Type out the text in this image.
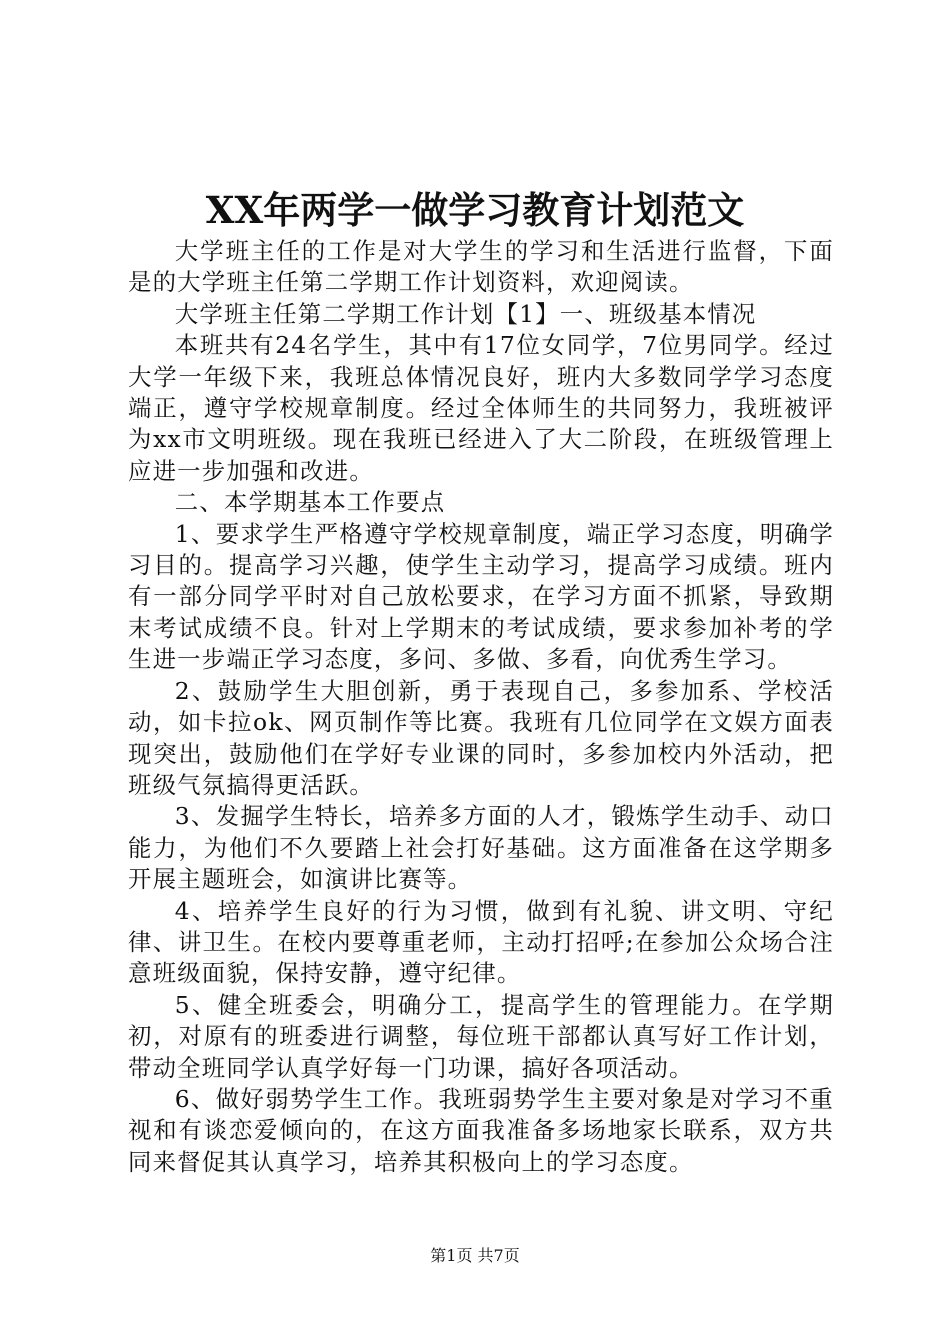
XX年两学一做学习教育计划范文

大学班主任的工作是对大学生的学习和生活进行监督，下面是的大学班主任第二学期工作计划资料，欢迎阅读。

大学班主任第二学期工作计划【1】一、班级基本情况

本班共有24名学生，其中有17位女同学，7位男同学。经过大学一年级下来，我班总体情况良好，班内大多数同学学习态度端正，遵守学校规章制度。经过全体师生的共同努力，我班被评为xx市文明班级。现在我班已经进入了大二阶段，在班级管理上应进一步加强和改进。

二、本学期基本工作要点

1、要求学生严格遵守学校规章制度，端正学习态度，明确学习目的。提高学习兴趣，使学生主动学习，提高学习成绩。班内有一部分同学平时对自己放松要求，在学习方面不抓紧，导致期末考试成绩不良。针对上学期末的考试成绩，要求参加补考的学生进一步端正学习态度，多问、多做、多看，向优秀生学习。

2、鼓励学生大胆创新，勇于表现自己，多参加系、学校活动，如卡拉ok、网页制作等比赛。我班有几位同学在文娱方面表现突出，鼓励他们在学好专业课的同时，多参加校内外活动，把班级气氛搞得更活跃。

3、发掘学生特长，培养多方面的人才，锻炼学生动手、动口能力，为他们不久要踏上社会打好基础。这方面准备在这学期多开展主题班会，如演讲比赛等。

4、培养学生良好的行为习惯，做到有礼貌、讲文明、守纪律、讲卫生。在校内要尊重老师，主动打招呼;在参加公众场合注意班级面貌，保持安静，遵守纪律。

5、健全班委会，明确分工，提高学生的管理能力。在学期初，对原有的班委进行调整，每位班干部都认真写好工作计划，带动全班同学认真学好每一门功课，搞好各项活动。

6、做好弱势学生工作。我班弱势学生主要对象是对学习不重视和有谈恋爱倾向的，在这方面我准备多场地家长联系，双方共同来督促其认真学习，培养其积极向上的学习态度。

第1页 共7页
